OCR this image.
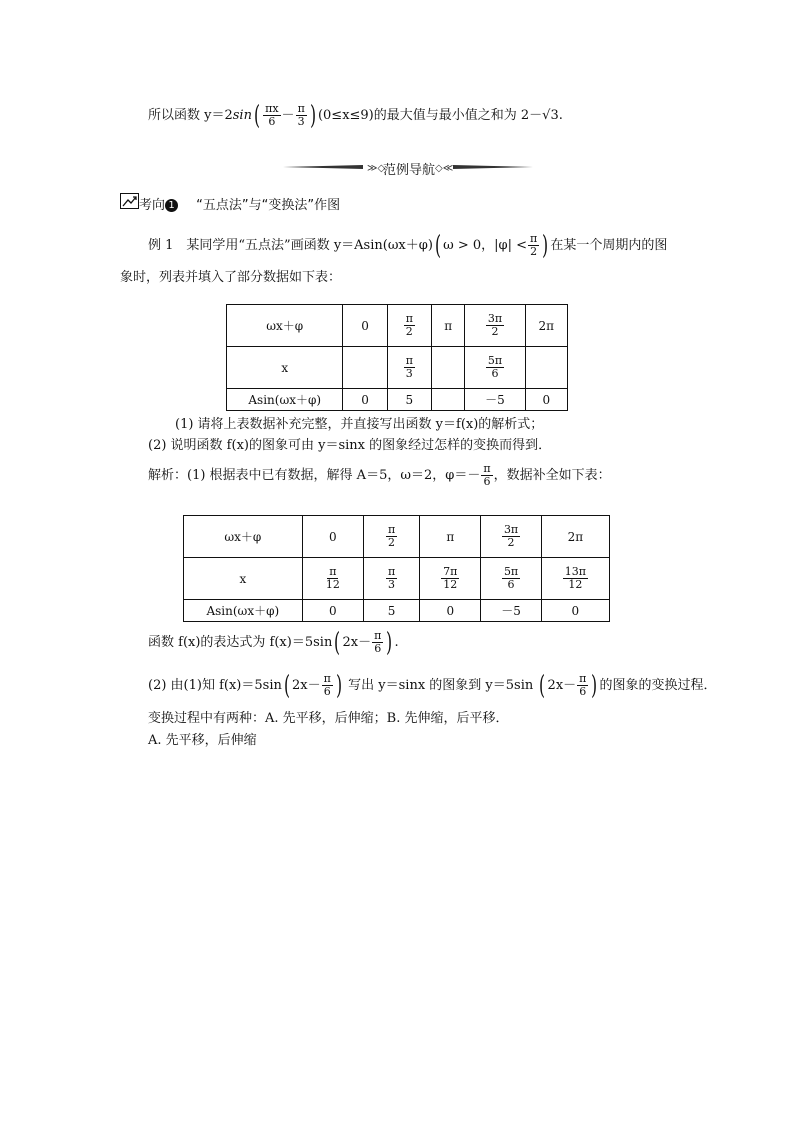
所以函数 $y=2\sin( \frac{\pi x}{6} - \frac{\pi}{3}$ ) (0≤x≤9)的最大值与最小值之和为 2－√3.
≫◇	◇≪
范例导航
考向 1 “五点法”与“变换法”作图
例 1　某同学用“五点法”画函数 y＝Asin(ωx＋φ)( ω > 0，$|\varphi| < \frac{\pi}{2}$ ) 在某一个周期内的图
象时，列表并填入了部分数据如下表：
ωx＋φ	0	$\frac{\pi}{2}$	π	$\frac{3\pi}{2}$	2π
x		$\frac{\pi}{3}$		$\frac{5\pi}{6}$

Asin(ωx＋φ)	0	5		－5	0
(1) 请将上表数据补充完整，并直接写出函数 y＝f(x)的解析式；
(2) 说明函数 f(x)的图象可由 y＝sinx 的图象经过怎样的变换而得到．
解析：(1) 根据表中已有数据，解得 A＝5，ω＝2，$\varphi=- \frac{\pi}{6}$ ，数据补全如下表：
ωx＋φ	0	$\frac{\pi}{2}$	π	$\frac{3\pi}{2}$	2π
x	$\frac{\pi}{12}$	$\frac{\pi}{3}$	$\frac{7\pi}{12}$	$\frac{5\pi}{6}$	$\frac{13\pi}{12}$

Asin(ωx＋φ)	0	5	0	－5	0
函数 f(x)的表达式为 f(x)＝5sin( $2x- \frac{\pi}{6}$ ) .
(2) 由(1)知 f(x)＝5sin( $2x- \frac{\pi}{6}$ ) 写出 y＝sinx 的图象到 y＝5sin ( $2x- \frac{\pi}{6}$ ) 的图象的变换过程．
变换过程中有两种：A. 先平移，后伸缩；B. 先伸缩，后平移．
A. 先平移，后伸缩
